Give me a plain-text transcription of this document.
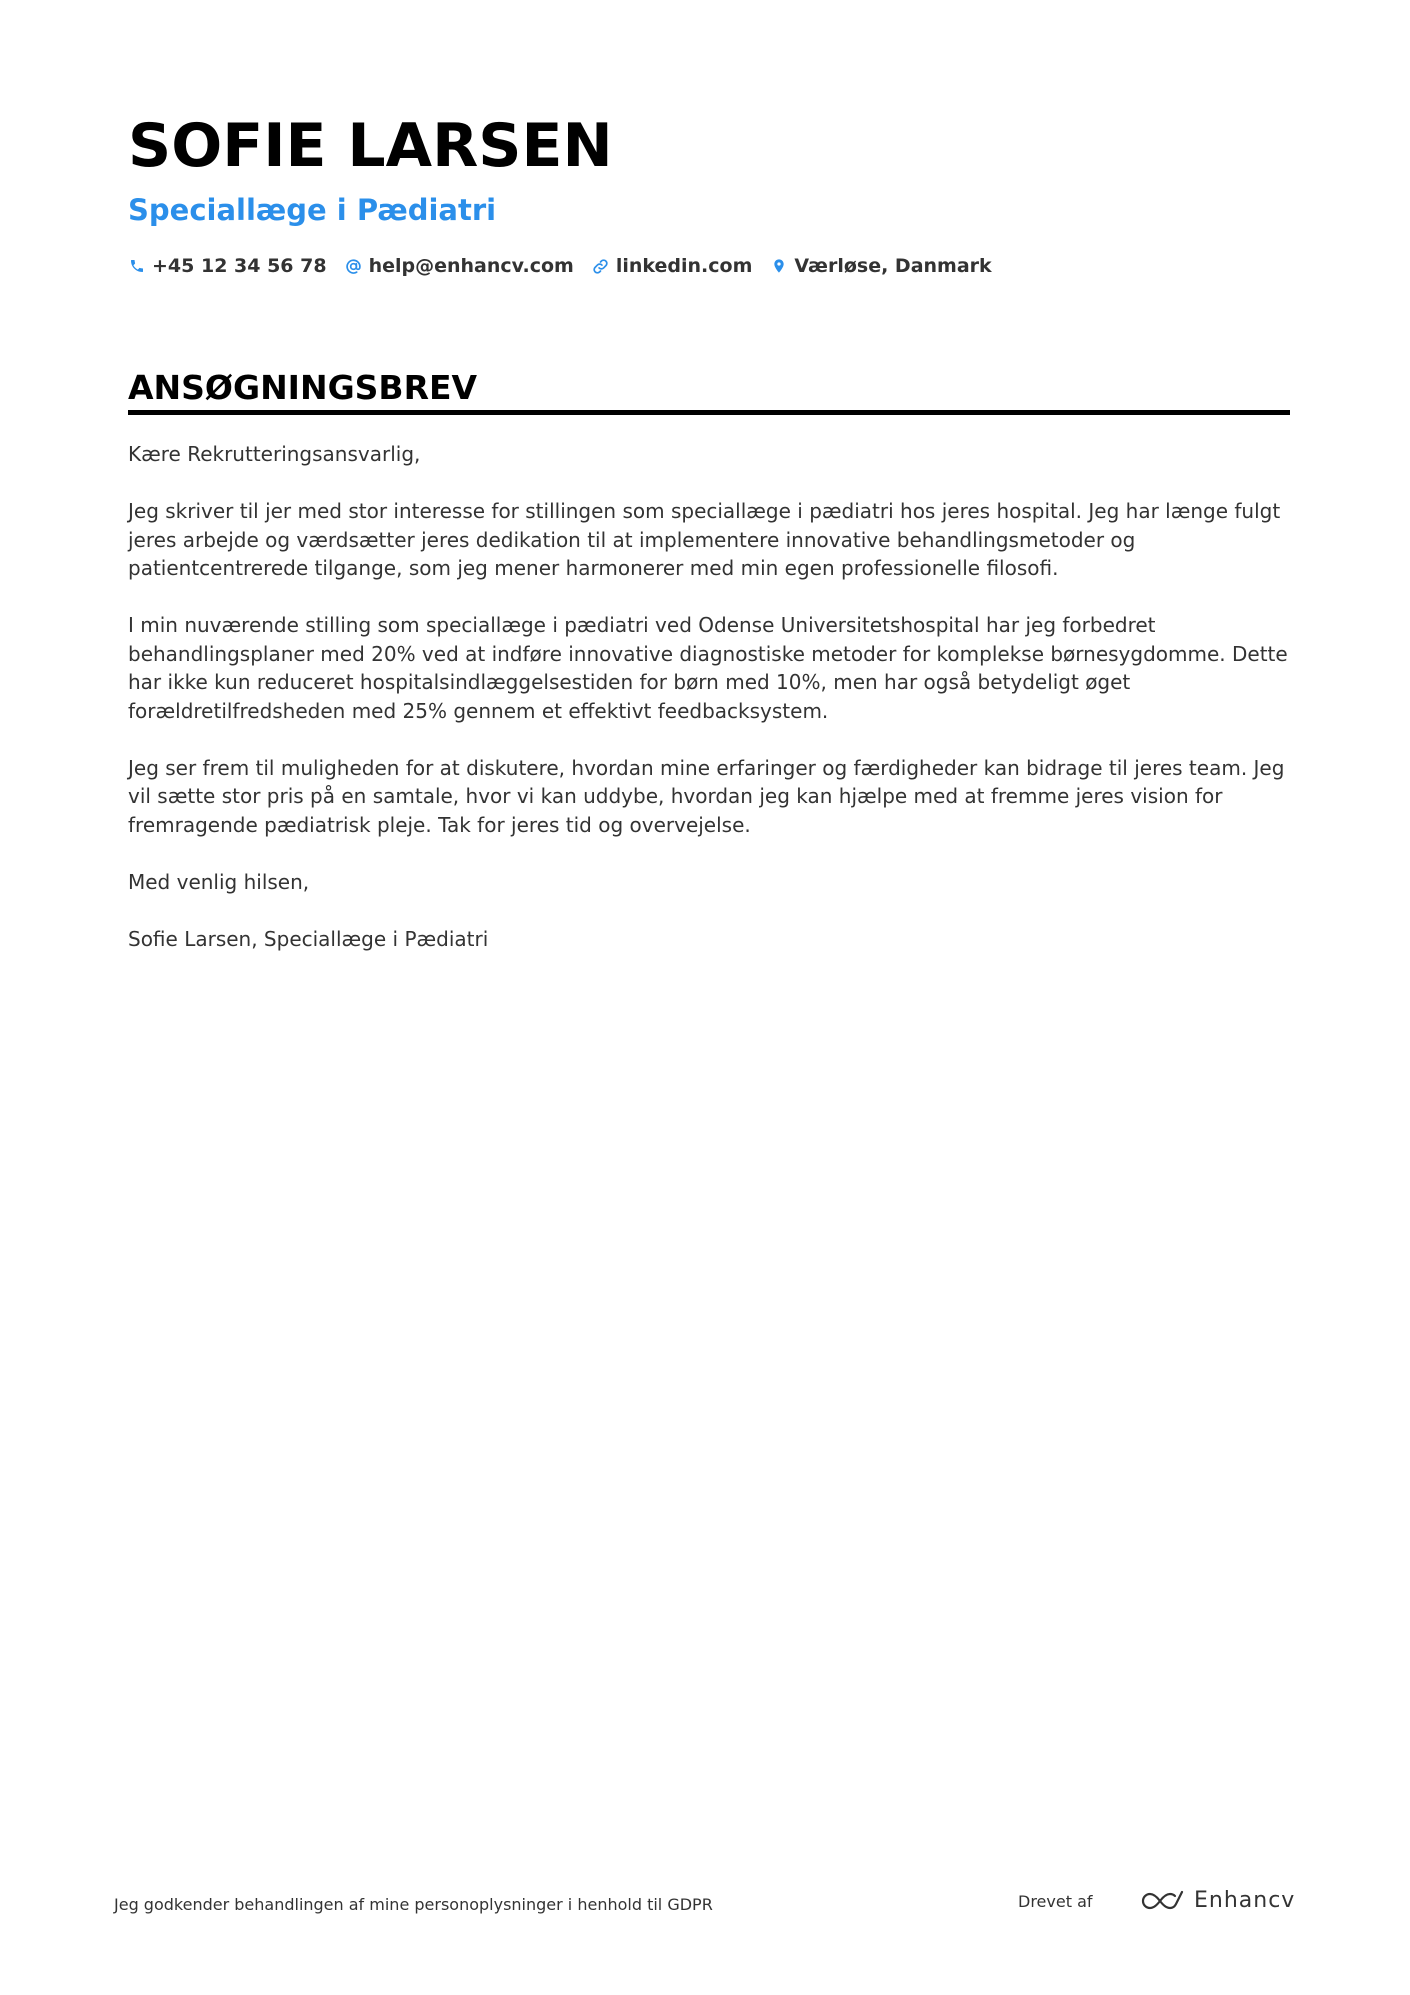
SOFIE LARSEN
Speciallæge i Pædiatri
+45 12 34 56 78 help@enhancv.com linkedin.com Værløse, Danmark
ANSØGNINGSBREV

Kære Rekrutteringsansvarlig,

Jeg skriver til jer med stor interesse for stillingen som speciallæge i pædiatri hos jeres hospital. Jeg har længe fulgt jeres arbejde og værdsætter jeres dedikation til at implementere innovative behandlingsmetoder og patientcentrerede tilgange, som jeg mener harmonerer med min egen professionelle filosofi.

I min nuværende stilling som speciallæge i pædiatri ved Odense Universitetshospital har jeg forbedret behandlingsplaner med 20% ved at indføre innovative diagnostiske metoder for komplekse børnesygdomme. Dette har ikke kun reduceret hospitalsindlæggelsestiden for børn med 10%, men har også betydeligt øget forældretilfredsheden med 25% gennem et effektivt feedbacksystem.

Jeg ser frem til muligheden for at diskutere, hvordan mine erfaringer og færdigheder kan bidrage til jeres team. Jeg vil sætte stor pris på en samtale, hvor vi kan uddybe, hvordan jeg kan hjælpe med at fremme jeres vision for fremragende pædiatrisk pleje. Tak for jeres tid og overvejelse.

Med venlig hilsen,

Sofie Larsen, Speciallæge i Pædiatri

Jeg godkender behandlingen af mine personoplysninger i henhold til GDPR	Drevet af	Enhancv
